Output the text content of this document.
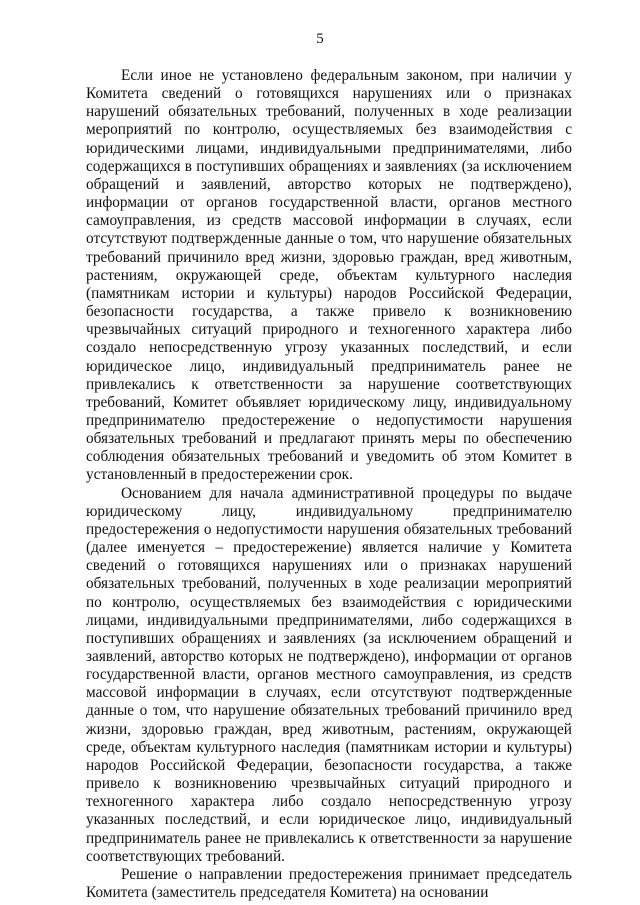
5

Если иное не установлено федеральным законом, при наличии у Комитета сведений о готовящихся нарушениях или о признаках нарушений обязательных требований, полученных в ходе реализации мероприятий по контролю, осуществляемых без взаимодействия с юридическими лицами, индивидуальными предпринимателями, либо содержащихся в поступивших обращениях и заявлениях (за исключением обращений и заявлений, авторство которых не подтверждено), информации от органов государственной власти, органов местного самоуправления, из средств массовой информации в случаях, если отсутствуют подтвержденные данные о том, что нарушение обязательных требований причинило вред жизни, здоровью граждан, вред животным, растениям, окружающей среде, объектам культурного наследия (памятникам истории и культуры) народов Российской Федерации, безопасности государства, а также привело к возникновению чрезвычайных ситуаций природного и техногенного характера либо создало непосредственную угрозу указанных последствий, и если юридическое лицо, индивидуальный предприниматель ранее не привлекались к ответственности за нарушение соответствующих требований, Комитет объявляет юридическому лицу, индивидуальному предпринимателю предостережение о недопустимости нарушения обязательных требований и предлагают принять меры по обеспечению соблюдения обязательных требований и уведомить об этом Комитет в установленный в предостережении срок.

Основанием для начала административной процедуры по выдаче юридическому лицу, индивидуальному предпринимателю предостережения о недопустимости нарушения обязательных требований (далее именуется – предостережение) является наличие у Комитета сведений о готовящихся нарушениях или о признаках нарушений обязательных требований, полученных в ходе реализации мероприятий по контролю, осуществляемых без взаимодействия с юридическими лицами, индивидуальными предпринимателями, либо содержащихся в поступивших обращениях и заявлениях (за исключением обращений и заявлений, авторство которых не подтверждено), информации от органов государственной власти, органов местного самоуправления, из средств массовой информации в случаях, если отсутствуют подтвержденные данные о том, что нарушение обязательных требований причинило вред жизни, здоровью граждан, вред животным, растениям, окружающей среде, объектам культурного наследия (памятникам истории и культуры) народов Российской Федерации, безопасности государства, а также привело к возникновению чрезвычайных ситуаций природного и техногенного характера либо создало непосредственную угрозу указанных последствий, и если юридическое лицо, индивидуальный предприниматель ранее не привлекались к ответственности за нарушение соответствующих требований.

Решение о направлении предостережения принимает председатель Комитета (заместитель председателя Комитета) на основании
